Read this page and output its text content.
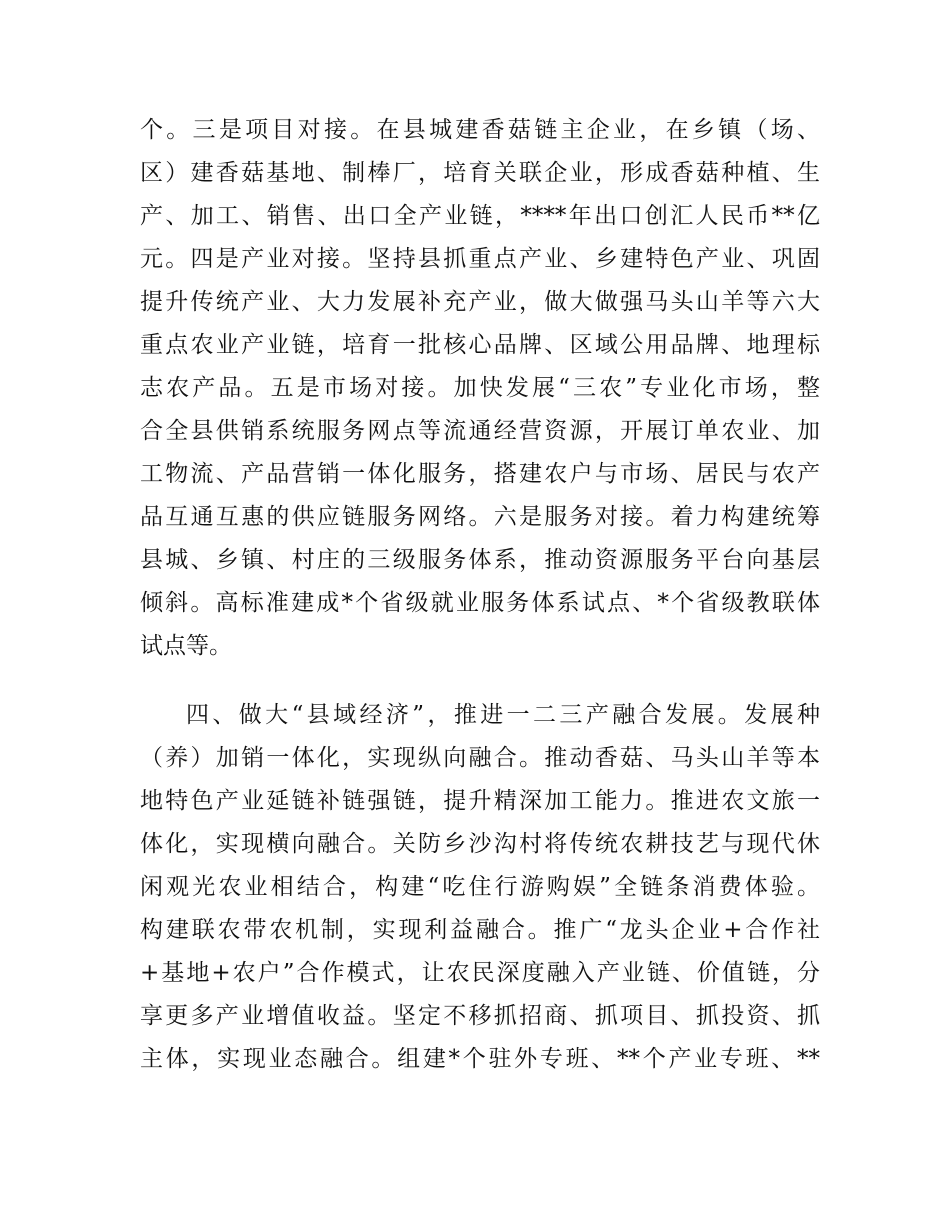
个。三是项目对接。在县城建香菇链主企业，在乡镇（场、
区）建香菇基地、制棒厂，培育关联企业，形成香菇种植、生
产、加工、销售、出口全产业链，****年出口创汇人民币**亿
元。四是产业对接。坚持县抓重点产业、乡建特色产业、巩固
提升传统产业、大力发展补充产业，做大做强马头山羊等六大
重点农业产业链，培育一批核心品牌、区域公用品牌、地理标
志农产品。五是市场对接。加快发展“三农”专业化市场，整
合全县供销系统服务网点等流通经营资源，开展订单农业、加
工物流、产品营销一体化服务，搭建农户与市场、居民与农产
品互通互惠的供应链服务网络。六是服务对接。着力构建统筹
县城、乡镇、村庄的三级服务体系，推动资源服务平台向基层
倾斜。高标准建成*个省级就业服务体系试点、*个省级教联体
试点等。
四、做大“县域经济”，推进一二三产融合发展。发展种
（养）加销一体化，实现纵向融合。推动香菇、马头山羊等本
地特色产业延链补链强链，提升精深加工能力。推进农文旅一
体化，实现横向融合。关防乡沙沟村将传统农耕技艺与现代休
闲观光农业相结合，构建“吃住行游购娱”全链条消费体验。
构建联农带农机制，实现利益融合。推广“龙头企业+合作社
+基地+农户”合作模式，让农民深度融入产业链、价值链，分
享更多产业增值收益。坚定不移抓招商、抓项目、抓投资、抓
主体，实现业态融合。组建*个驻外专班、**个产业专班、**
